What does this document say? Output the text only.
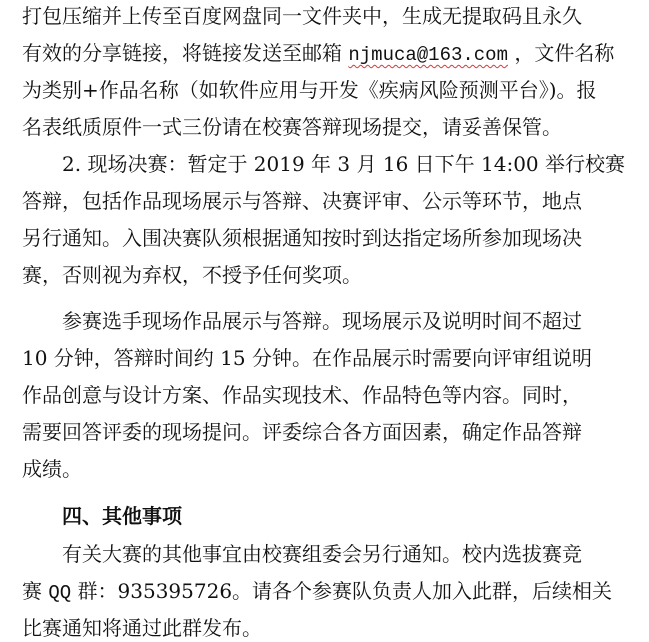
打包压缩并上传至百度网盘同一文件夹中，生成无提取码且永久
有效的分享链接，将链接发送至邮箱 njmuca@163.com ，文件名称
为类别+作品名称（如软件应用与开发《疾病风险预测平台》)。报
名表纸质原件一式三份请在校赛答辩现场提交，请妥善保管。
2. 现场决赛：暂定于 2019 年 3 月 16 日下午 14:00 举行校赛
答辩，包括作品现场展示与答辩、决赛评审、公示等环节，地点
另行通知。入围决赛队须根据通知按时到达指定场所参加现场决
赛，否则视为弃权，不授予任何奖项。
参赛选手现场作品展示与答辩。现场展示及说明时间不超过
10 分钟，答辩时间约 15 分钟。在作品展示时需要向评审组说明
作品创意与设计方案、作品实现技术、作品特色等内容。同时，
需要回答评委的现场提问。评委综合各方面因素，确定作品答辩
成绩。
四、其他事项
有关大赛的其他事宜由校赛组委会另行通知。校内选拔赛竞
赛 QQ 群：935395726。请各个参赛队负责人加入此群，后续相关
比赛通知将通过此群发布。
